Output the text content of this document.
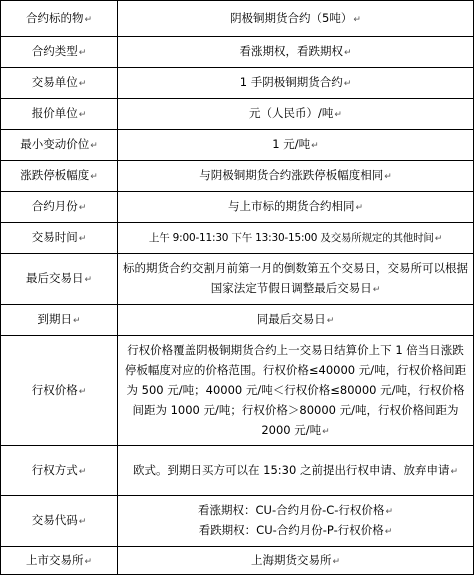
合约标的物↵	阴极铜期货合约（5吨）↵
合约类型↵	看涨期权，看跌期权↵
交易单位↵	1 手阴极铜期货合约↵
报价单位↵	元（人民币）/吨↵
最小变动价位↵	1 元/吨↵
涨跌停板幅度↵	与阴极铜期货合约涨跌停板幅度相同↵
合约月份↵	与上市标的期货合约相同↵
交易时间↵	上午 9:00-11:30 下午 13:30-15:00 及交易所规定的其他时间↵
最后交易日↵	标的期货合约交割月前第一月的倒数第五个交易日，交易所可以根据国家法定节假日调整最后交易日↵
到期日↵	同最后交易日↵
行权价格↵	行权价格覆盖阴极铜期货合约上一交易日结算价上下 1 倍当日涨跌停板幅度对应的价格范围。行权价格≤40000 元/吨，行权价格间距为 500 元/吨；40000 元/吨＜行权价格≤80000 元/吨，行权价格间距为 1000 元/吨；行权价格＞80000 元/吨，行权价格间距为 2000 元/吨↵
行权方式↵	欧式。到期日买方可以在 15:30 之前提出行权申请、放弃申请↵
交易代码↵	看涨期权：CU-合约月份-C-行权价格↵
看跌期权：CU-合约月份-P-行权价格↵

上市交易所↵	上海期货交易所↵
